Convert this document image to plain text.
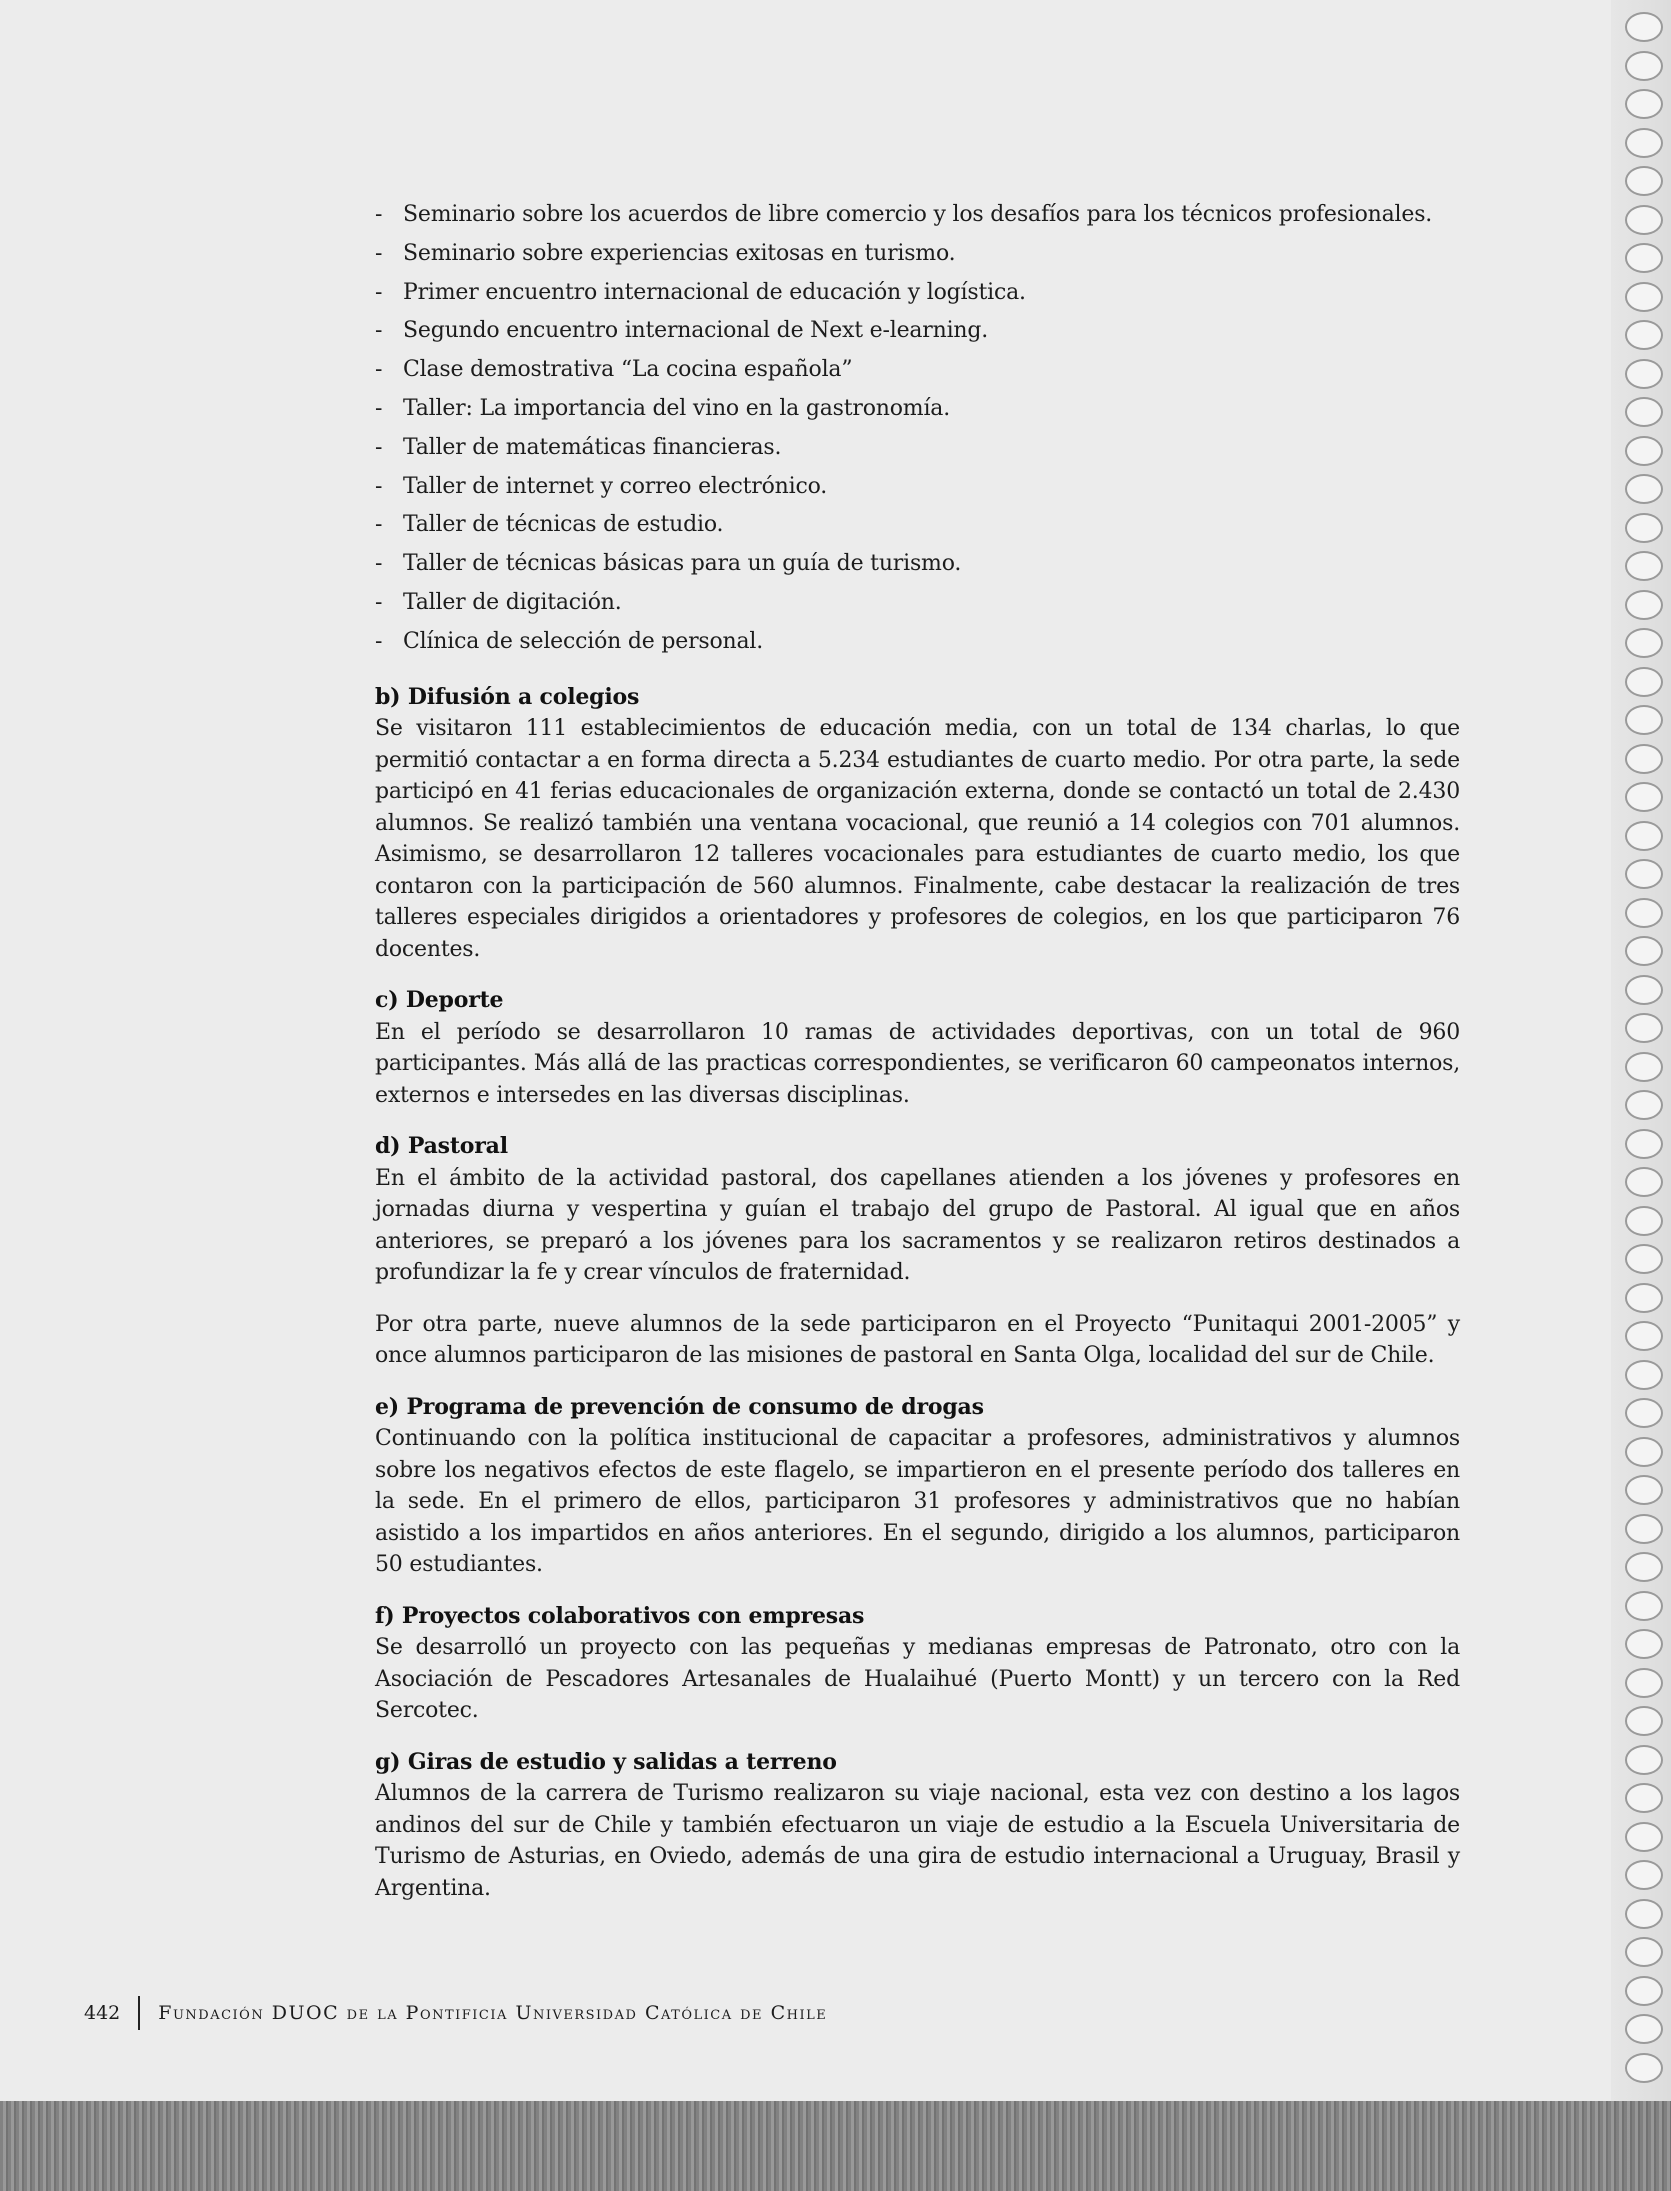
- Seminario sobre los acuerdos de libre comercio y los desafíos para los técnicos profesionales.
- Seminario sobre experiencias exitosas en turismo.
- Primer encuentro internacional de educación y logística.
- Segundo encuentro internacional de Next e-learning.
- Clase demostrativa “La cocina española”
- Taller: La importancia del vino en la gastronomía.
- Taller de matemáticas financieras.
- Taller de internet y correo electrónico.
- Taller de técnicas de estudio.
- Taller de técnicas básicas para un guía de turismo.
- Taller de digitación.
- Clínica de selección de personal.
b) Difusión a colegios

Se visitaron 111 establecimientos de educación media, con un total de 134 charlas, lo que permitió contactar a en forma directa a 5.234 estudiantes de cuarto medio. Por otra parte, la sede participó en 41 ferias educacionales de organización externa, donde se contactó un total de 2.430 alumnos. Se realizó también una ventana vocacional, que reunió a 14 colegios con 701 alumnos. Asimismo, se desarrollaron 12 talleres vocacionales para estudiantes de cuarto medio, los que contaron con la participación de 560 alumnos. Finalmente, cabe destacar la realización de tres talleres especiales dirigidos a orientadores y profesores de colegios, en los que participaron 76 docentes.

c) Deporte

En el período se desarrollaron 10 ramas de actividades deportivas, con un total de 960 participantes. Más allá de las practicas correspondientes, se verificaron 60 campeonatos internos, externos e intersedes en las diversas disciplinas.

d) Pastoral

En el ámbito de la actividad pastoral, dos capellanes atienden a los jóvenes y profesores en jornadas diurna y vespertina y guían el trabajo del grupo de Pastoral. Al igual que en años anteriores, se preparó a los jóvenes para los sacramentos y se realizaron retiros destinados a profundizar la fe y crear vínculos de fraternidad.

Por otra parte, nueve alumnos de la sede participaron en el Proyecto “Punitaqui 2001-2005” y once alumnos participaron de las misiones de pastoral en Santa Olga, localidad del sur de Chile.

e) Programa de prevención de consumo de drogas

Continuando con la política institucional de capacitar a profesores, administrativos y alumnos sobre los negativos efectos de este flagelo, se impartieron en el presente período dos talleres en la sede. En el primero de ellos, participaron 31 profesores y administrativos que no habían asistido a los impartidos en años anteriores. En el segundo, dirigido a los alumnos, participaron 50 estudiantes.

f) Proyectos colaborativos con empresas

Se desarrolló un proyecto con las pequeñas y medianas empresas de Patronato, otro con la Asociación de Pescadores Artesanales de Hualaihué (Puerto Montt) y un tercero con la Red Sercotec.

g) Giras de estudio y salidas a terreno

Alumnos de la carrera de Turismo realizaron su viaje nacional, esta vez con destino a los lagos andinos del sur de Chile y también efectuaron un viaje de estudio a la Escuela Universitaria de Turismo de Asturias, en Oviedo, además de una gira de estudio internacional a Uruguay, Brasil y Argentina.

442 Fundación DUOC de la Pontificia Universidad Católica de Chile
